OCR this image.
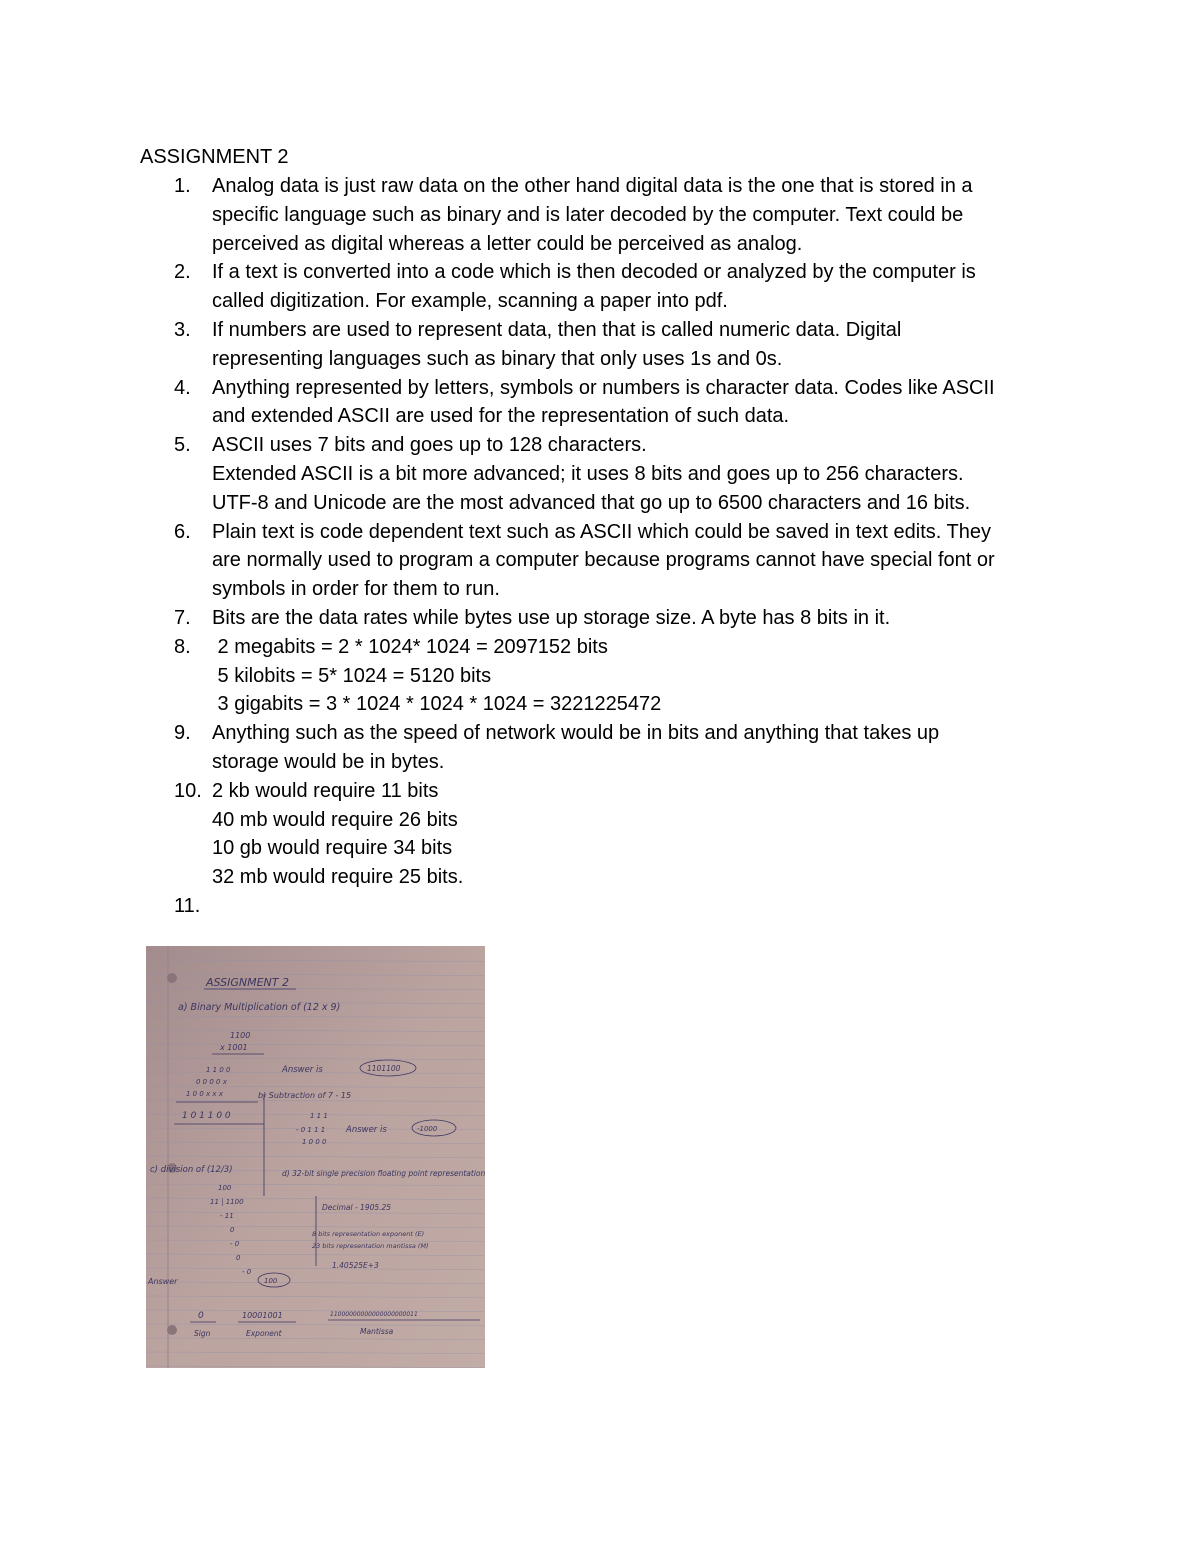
ASSIGNMENT 2
1. Analog data is just raw data on the other hand digital data is the one that is stored in a
specific language such as binary and is later decoded by the computer. Text could be
perceived as digital whereas a letter could be perceived as analog.
2. If a text is converted into a code which is then decoded or analyzed by the computer is
called digitization. For example, scanning a paper into pdf.
3. If numbers are used to represent data, then that is called numeric data. Digital
representing languages such as binary that only uses 1s and 0s.
4. Anything represented by letters, symbols or numbers is character data. Codes like ASCII
and extended ASCII are used for the representation of such data.
5. ASCII uses 7 bits and goes up to 128 characters.
Extended ASCII is a bit more advanced; it uses 8 bits and goes up to 256 characters.
UTF-8 and Unicode are the most advanced that go up to 6500 characters and 16 bits.
6. Plain text is code dependent text such as ASCII which could be saved in text edits. They
are normally used to program a computer because programs cannot have special font or
symbols in order for them to run.
7. Bits are the data rates while bytes use up storage size. A byte has 8 bits in it.
8. 2 megabits = 2 * 1024* 1024 = 2097152 bits
5 kilobits = 5* 1024 = 5120 bits
3 gigabits = 3 * 1024 * 1024 * 1024 = 3221225472
9. Anything such as the speed of network would be in bits and anything that takes up
storage would be in bytes.
10. 2 kb would require 11 bits
40 mb would require 26 bits
10 gb would require 34 bits
32 mb would require 25 bits.
11.

ASSIGNMENT 2
a) Binary Multiplication of (12 x 9)
1100
x 1001
1 1 0 0
0 0 0 0 x
1 0 0 x x x
Answer is	1101100
1 0 1 1 0 0
b) Subtraction of 7 - 15
1 1 1
- 0 1 1 1
1 0 0 0
Answer is	-1000
c) division of (12/3)	d) 32-bit single precision floating point representation
100
11 | 1100
- 11
0
- 0
0
- 0
Decimal - 1905.25
8 bits representation exponent (E)
23 bits representation mantissa (M)
1.40525E+3
Answer	100
0
Sign
10001001
Exponent
11000000000000000000011
Mantissa
